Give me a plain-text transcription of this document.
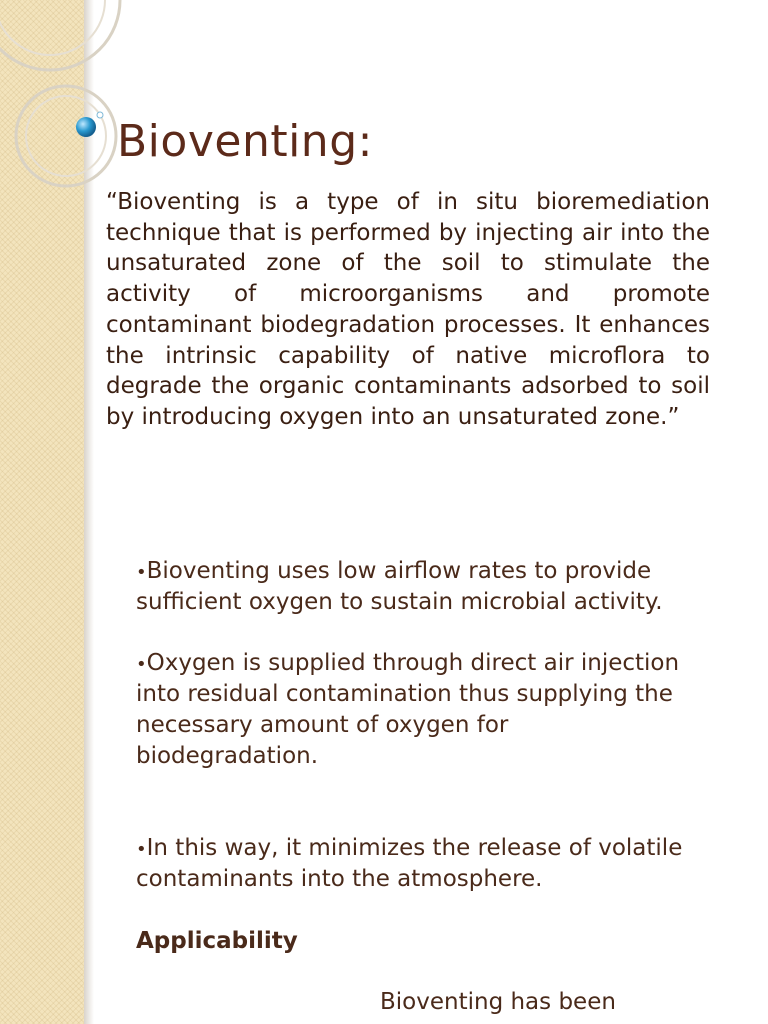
Bioventing:
“Bioventing is a type of in situ bioremediation technique that is performed by injecting air into the unsaturated zone of the soil to stimulate the activity of microorganisms and promote contaminant biodegradation processes. It enhances the intrinsic capability of native microflora to degrade the organic contaminants adsorbed to soil by introducing oxygen into an unsaturated zone.”

•Bioventing uses low airflow rates to provide sufficient oxygen to sustain microbial activity.

•Oxygen is supplied through direct air injection into residual contamination thus supplying the necessary amount of oxygen for biodegradation.

•In this way, it minimizes the release of volatile contaminants into the atmosphere.

Applicability

Bioventing has been
